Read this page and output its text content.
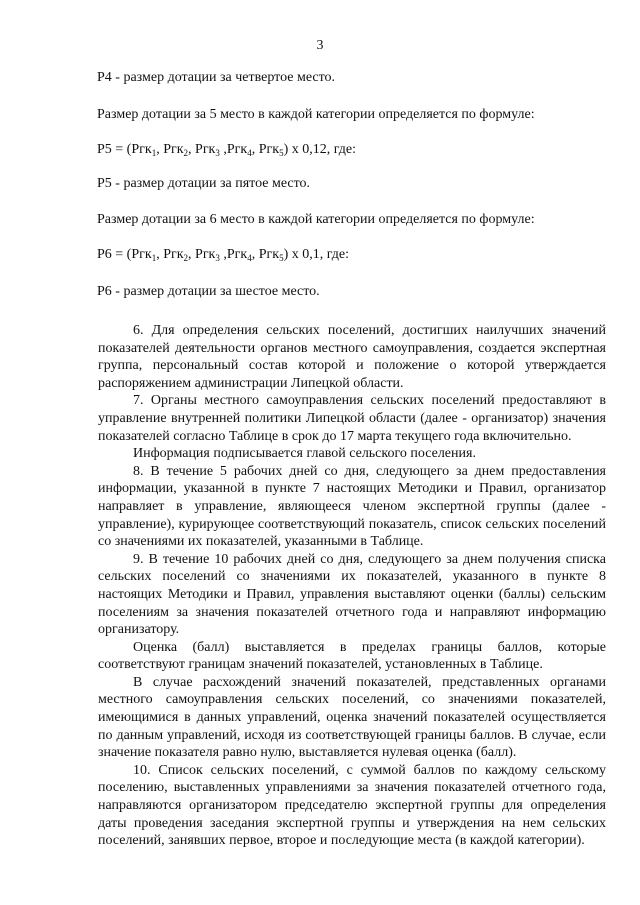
3
Р4 - размер дотации за четвертое место.
Размер дотации за 5 место в каждой категории определяется по формуле:
Р5 = (Ргк$_1$, Ргк$_2$, Ргк$_3$ ,Ргк$_4$, Ргк$_5$) х 0,12, где:
Р5 - размер дотации за пятое место.
Размер дотации за 6 место в каждой категории определяется по формуле:
Р6 = (Ргк$_1$, Ргк$_2$, Ргк$_3$ ,Ргк$_4$, Ргк$_5$) х 0,1, где:
Р6 - размер дотации за шестое место.

6. Для определения сельских поселений, достигших наилучших значений показателей деятельности органов местного самоуправления, создается экспертная группа, персональный состав которой и положение о которой утверждается распоряжением администрации Липецкой области.

7. Органы местного самоуправления сельских поселений предоставляют в управление внутренней политики Липецкой области (далее - организатор) значения показателей согласно Таблице в срок до 17 марта текущего года включительно.

Информация подписывается главой сельского поселения.

8. В течение 5 рабочих дней со дня, следующего за днем предоставления информации, указанной в пункте 7 настоящих Методики и Правил, организатор направляет в управление, являющееся членом экспертной группы (далее - управление), курирующее соответствующий показатель, список сельских поселений со значениями их показателей, указанными в Таблице.

9. В течение 10 рабочих дней со дня, следующего за днем получения списка сельских поселений со значениями их показателей, указанного в пункте 8 настоящих Методики и Правил, управления выставляют оценки (баллы) сельским поселениям за значения показателей отчетного года и направляют информацию организатору.

Оценка (балл) выставляется в пределах границы баллов, которые соответствуют границам значений показателей, установленных в Таблице.

В случае расхождений значений показателей, представленных органами местного самоуправления сельских поселений, со значениями показателей, имеющимися в данных управлений, оценка значений показателей осуществляется по данным управлений, исходя из соответствующей границы баллов. В случае, если значение показателя равно нулю, выставляется нулевая оценка (балл).

10. Список сельских поселений, с суммой баллов по каждому сельскому поселению, выставленных управлениями за значения показателей отчетного года, направляются организатором председателю экспертной группы для определения даты проведения заседания экспертной группы и утверждения на нем сельских поселений, занявших первое, второе и последующие места (в каждой категории).
